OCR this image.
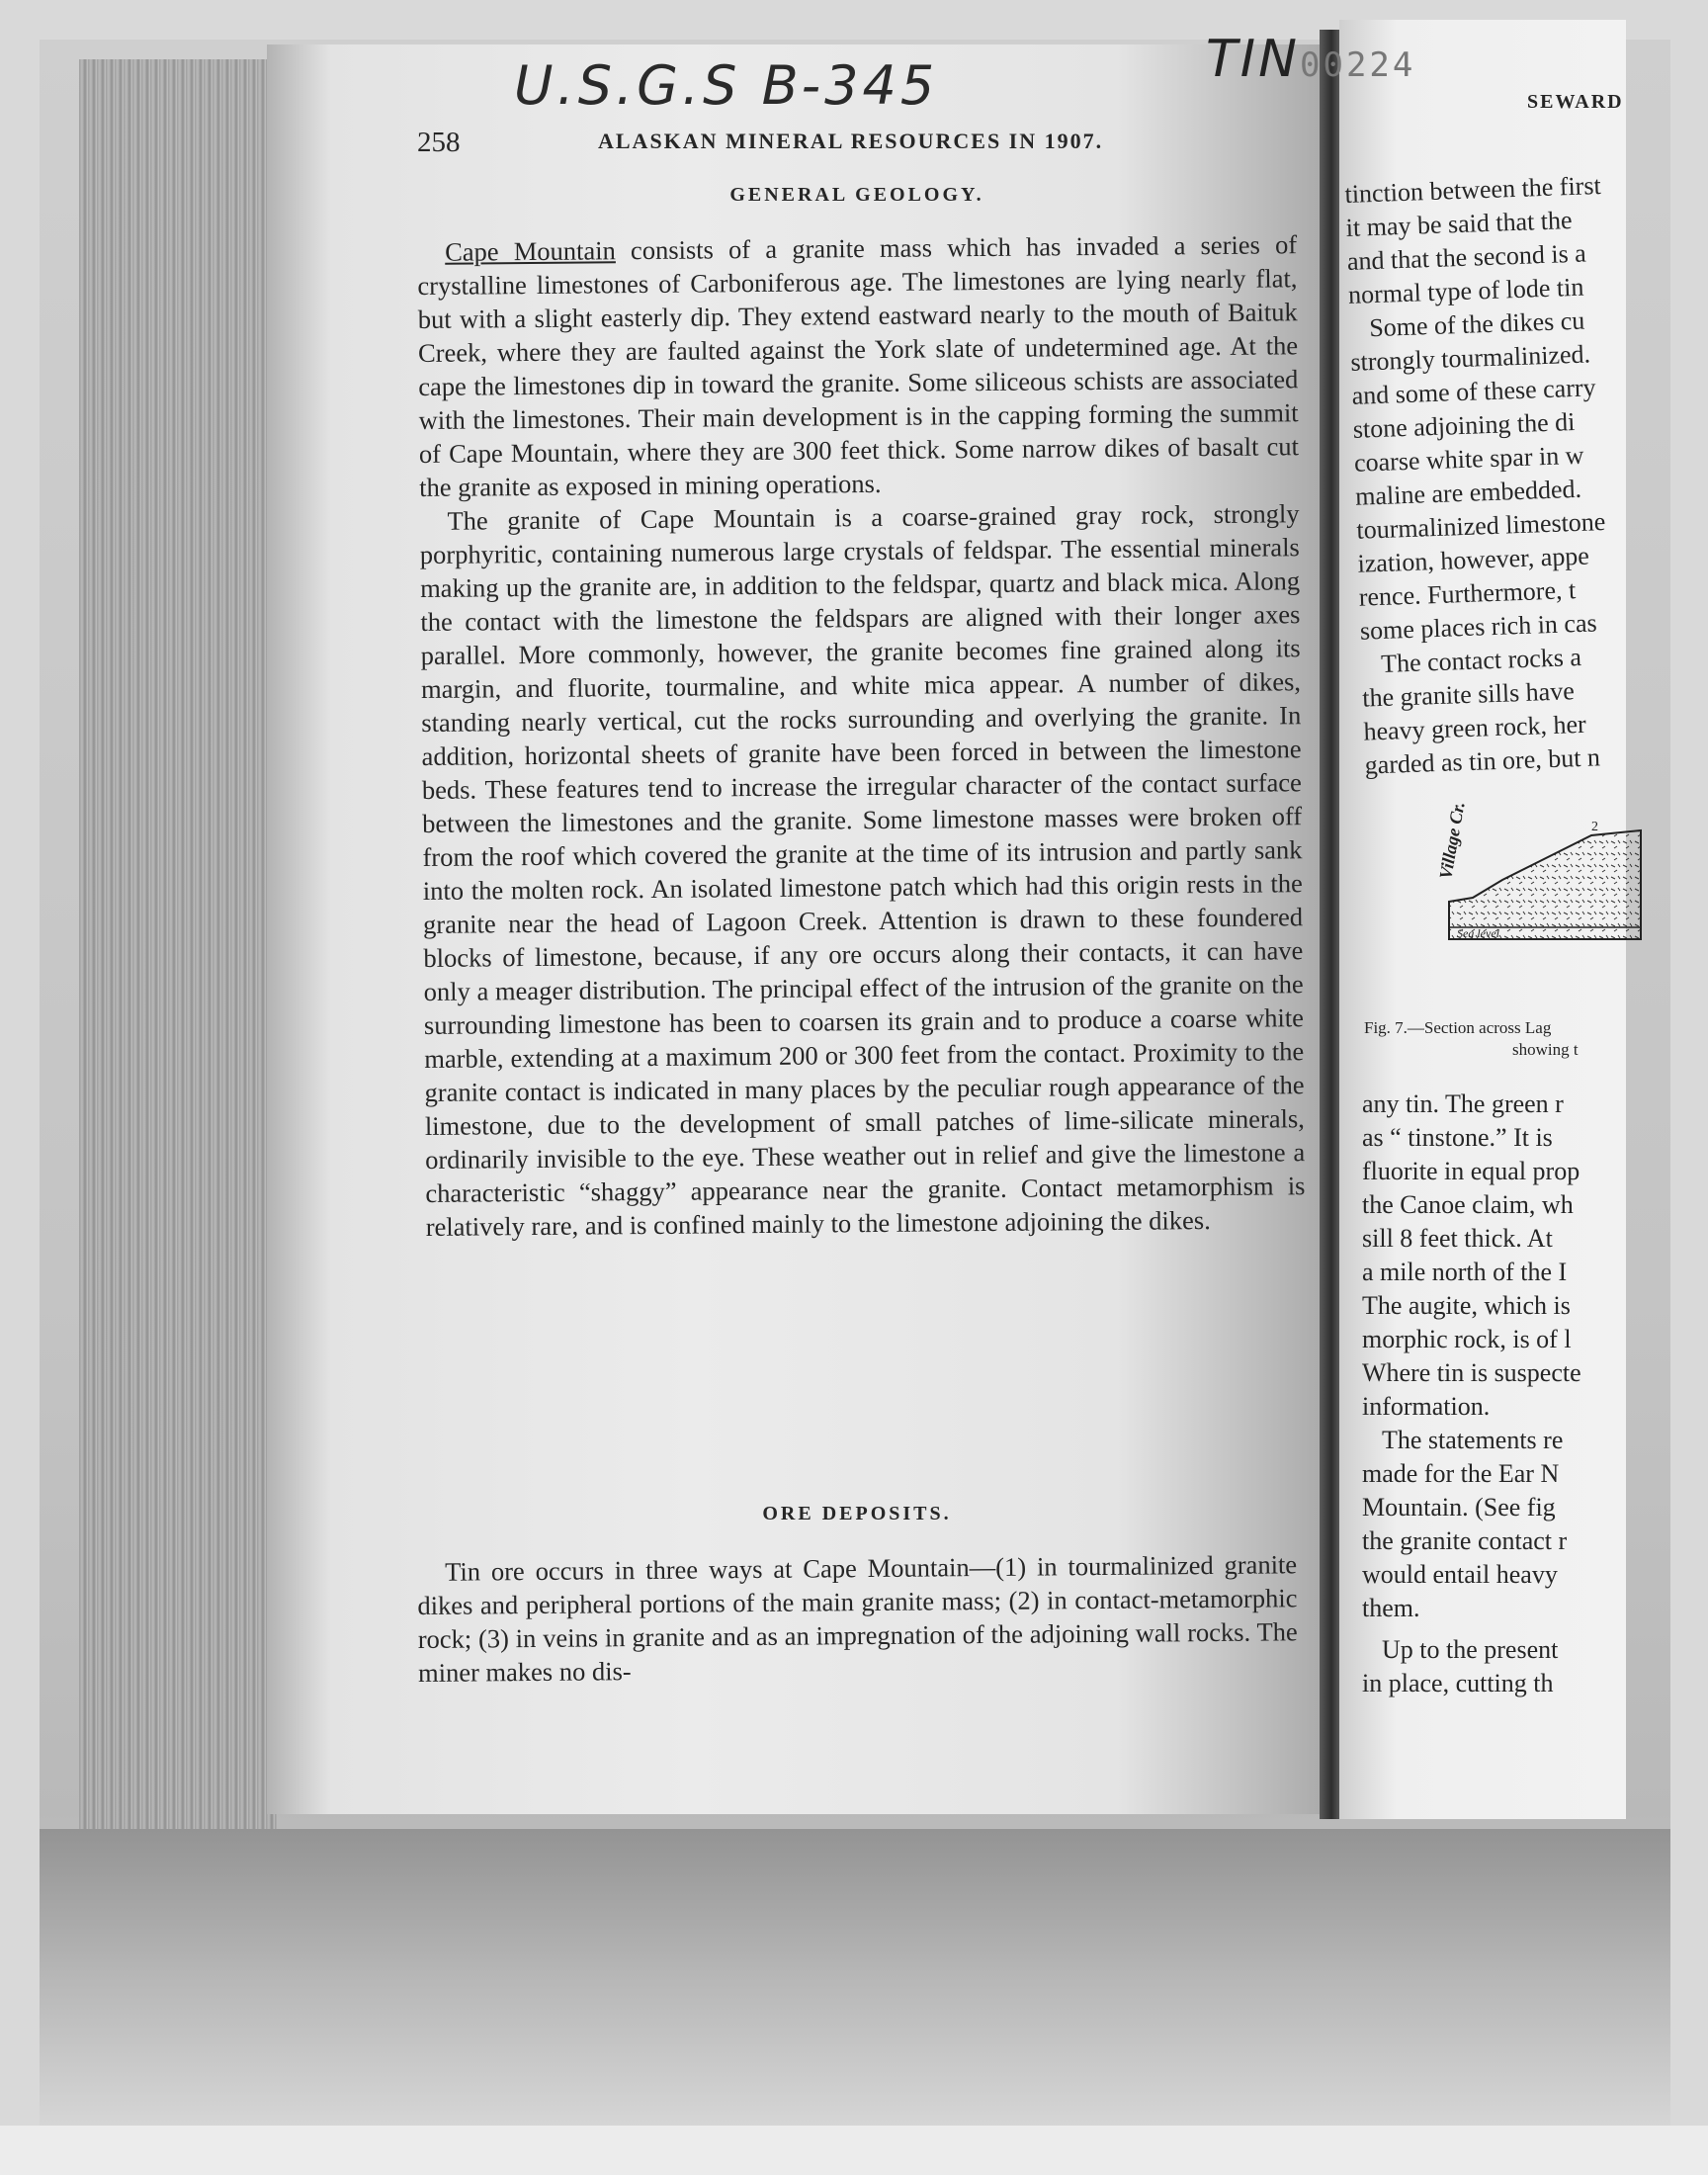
U.S.G.S B-345	TIN00224
258	ALASKAN MINERAL RESOURCES IN 1907.
GENERAL GEOLOGY.

Cape Mountain consists of a granite mass which has invaded a series of crystalline limestones of Carboniferous age. The limestones are lying nearly flat, but with a slight easterly dip. They extend eastward nearly to the mouth of Baituk Creek, where they are faulted against the York slate of undetermined age. At the cape the limestones dip in toward the granite. Some siliceous schists are associated with the limestones. Their main development is in the capping forming the summit of Cape Mountain, where they are 300 feet thick. Some narrow dikes of basalt cut the granite as exposed in mining operations.

The granite of Cape Mountain is a coarse-grained gray rock, strongly porphyritic, containing numerous large crystals of feldspar. The essential minerals making up the granite are, in addition to the feldspar, quartz and black mica. Along the contact with the limestone the feldspars are aligned with their longer axes parallel. More commonly, however, the granite becomes fine grained along its margin, and fluorite, tourmaline, and white mica appear. A number of dikes, standing nearly vertical, cut the rocks surrounding and overlying the granite. In addition, horizontal sheets of granite have been forced in between the limestone beds. These features tend to increase the irregular character of the contact surface between the limestones and the granite. Some limestone masses were broken off from the roof which covered the granite at the time of its intrusion and partly sank into the molten rock. An isolated limestone patch which had this origin rests in the granite near the head of Lagoon Creek. Attention is drawn to these foundered blocks of limestone, because, if any ore occurs along their contacts, it can have only a meager distribution. The principal effect of the intrusion of the granite on the surrounding limestone has been to coarsen its grain and to produce a coarse white marble, extending at a maximum 200 or 300 feet from the contact. Proximity to the granite contact is indicated in many places by the peculiar rough appearance of the limestone, due to the development of small patches of lime-silicate minerals, ordinarily invisible to the eye. These weather out in relief and give the limestone a characteristic “shaggy” appearance near the granite. Contact metamorphism is relatively rare, and is confined mainly to the limestone adjoining the dikes.

ORE DEPOSITS.

Tin ore occurs in three ways at Cape Mountain—(1) in tourmalinized granite dikes and peripheral portions of the main granite mass; (2) in contact-metamorphic rock; (3) in veins in granite and as an impregnation of the adjoining wall rocks. The miner makes no dis-

SEWARD
tinction between the first
it may be said that the
and that the second is a
normal type of lode tin
Some of the dikes cu
strongly tourmalinized.
and some of these carry
stone adjoining the di
coarse white spar in w
maline are embedded.
tourmalinized limestone
ization, however, appe
rence. Furthermore, t
some places rich in cas
The contact rocks a
the granite sills have
heavy green rock, her
garded as tin ore, but n
Village Cr.
Sea level
2
Fig. 7.—Section across Lag
showing t
any tin. The green r
as “ tinstone.” It is
fluorite in equal prop
the Canoe claim, wh
sill 8 feet thick. At
a mile north of the I
The augite, which is
morphic rock, is of l
Where tin is suspecte
information.
The statements re
made for the Ear N
Mountain. (See fig
the granite contact r
would entail heavy
them.
Up to the present
in place, cutting th
